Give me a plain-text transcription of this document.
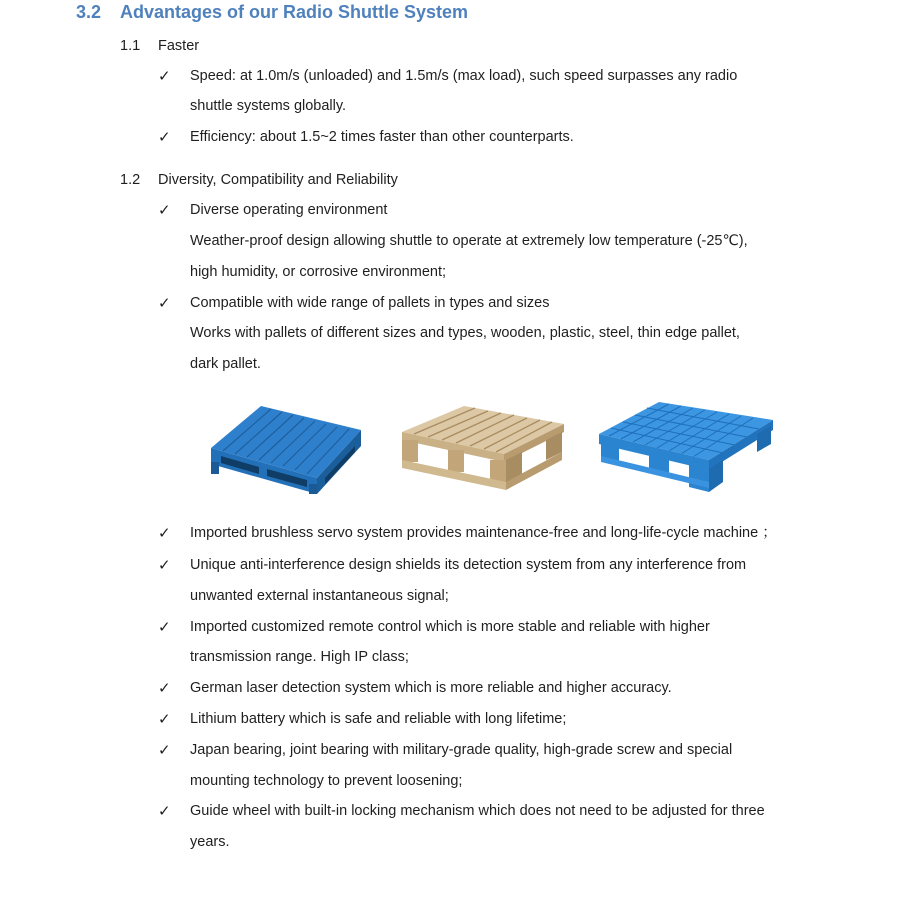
3.2 Advantages of our Radio Shuttle System
1.1 Faster
✓ Speed: at 1.0m/s (unloaded) and 1.5m/s (max load), such speed surpasses any radio
shuttle systems globally.
✓ Efficiency: about 1.5~2 times faster than other counterparts.
1.2 Diversity, Compatibility and Reliability
✓ Diverse operating environment
Weather-proof design allowing shuttle to operate at extremely low temperature (-25℃),
high humidity, or corrosive environment;
✓ Compatible with wide range of pallets in types and sizes
Works with pallets of different sizes and types, wooden, plastic, steel, thin edge pallet,
dark pallet.
✓ Imported brushless servo system provides maintenance-free and long-life-cycle machine ；
✓ Unique anti-interference design shields its detection system from any interference from
unwanted external instantaneous signal;
✓ Imported customized remote control which is more stable and reliable with higher
transmission range. High IP class;
✓ German laser detection system which is more reliable and higher accuracy.
✓ Lithium battery which is safe and reliable with long lifetime;
✓ Japan bearing, joint bearing with military-grade quality, high-grade screw and special
mounting technology to prevent loosening;
✓ Guide wheel with built-in locking mechanism which does not need to be adjusted for three
years.
